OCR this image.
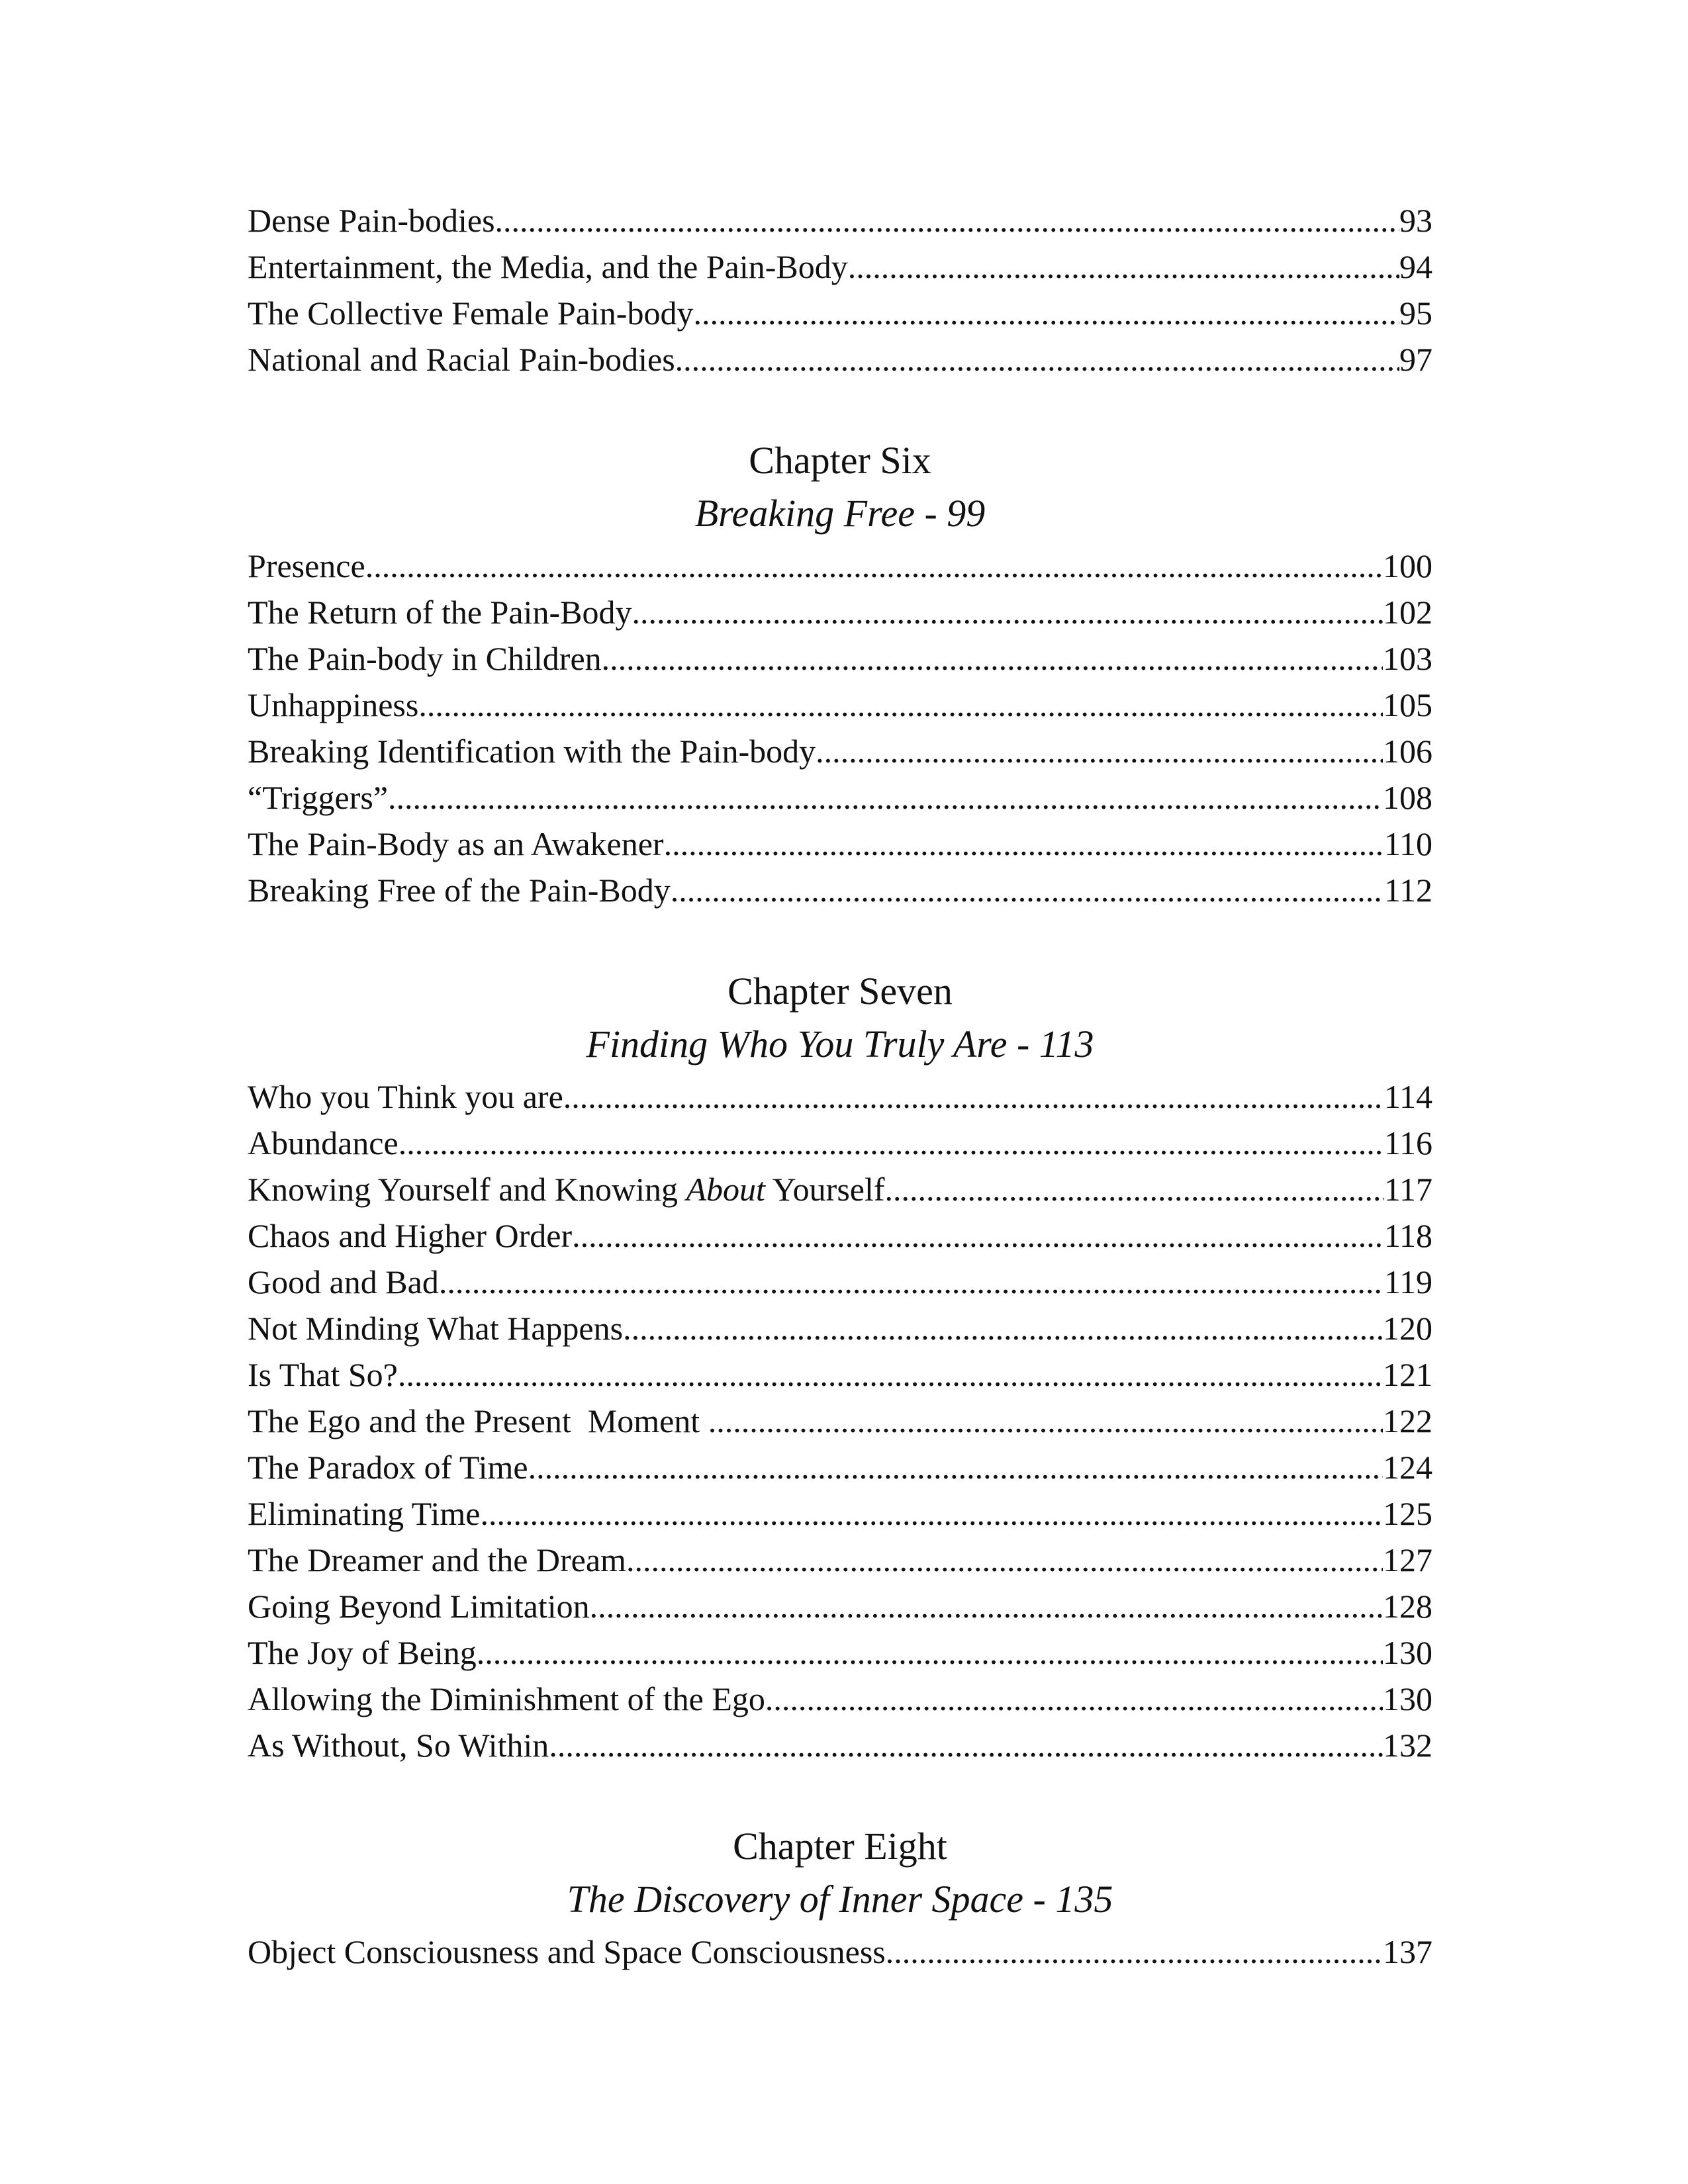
Dense Pain-bodies .....	93
Entertainment, the Media, and the Pain-Body .....	94
The Collective Female Pain-body .....	95
National and Racial Pain-bodies .....	97
Chapter Six
Breaking Free - 99
Presence .....	100
The Return of the Pain-Body .....	102
The Pain-body in Children .....	103
Unhappiness .....	105
Breaking Identification with the Pain-body .....	106
“Triggers” .....	108
The Pain-Body as an Awakener .....	110
Breaking Free of the Pain-Body .....	112
Chapter Seven
Finding Who You Truly Are - 113
Who you Think you are .....	114
Abundance .....	116
Knowing Yourself and Knowing About Yourself .....	117
Chaos and Higher Order .....	118
Good and Bad .....	119
Not Minding What Happens .....	120
Is That So? .....	121
The Ego and the Present  Moment .....	122
The Paradox of Time .....	124
Eliminating Time .....	125
The Dreamer and the Dream .....	127
Going Beyond Limitation .....	128
The Joy of Being .....	130
Allowing the Diminishment of the Ego .....	130
As Without, So Within .....	132
Chapter Eight
The Discovery of Inner Space - 135
Object Consciousness and Space Consciousness .....	137
